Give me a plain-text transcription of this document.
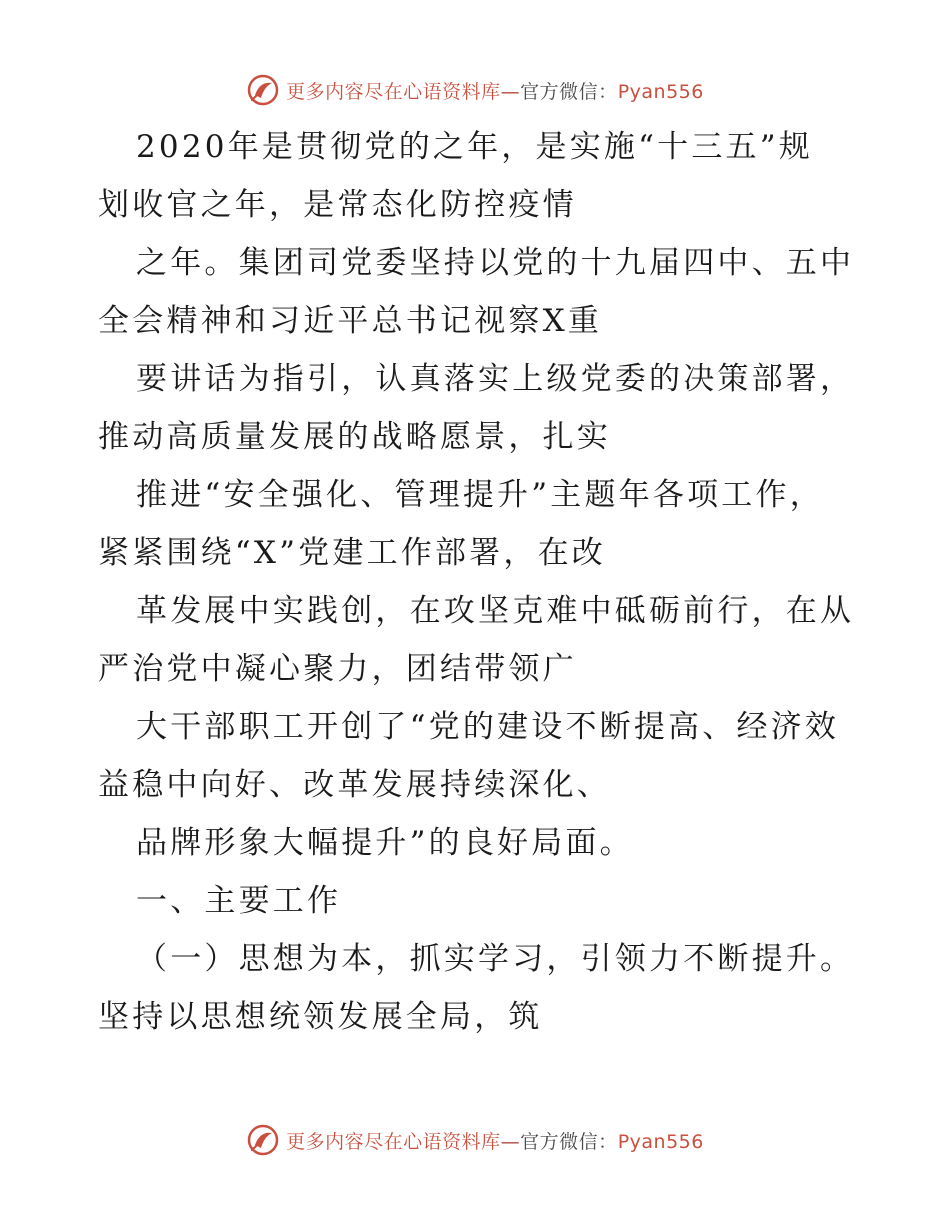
更多内容尽在心语资料库—官方微信：Pyan556
2020年是贯彻党的之年，是实施“十三五”规
划收官之年，是常态化防控疫情
之年。集团司党委坚持以党的十九届四中、五中
全会精神和习近平总书记视察X重
要讲话为指引，认真落实上级党委的决策部署，
推动高质量发展的战略愿景，扎实
推进“安全强化、管理提升”主题年各项工作，
紧紧围绕“X”党建工作部署，在改
革发展中实践创，在攻坚克难中砥砺前行，在从
严治党中凝心聚力，团结带领广
大干部职工开创了“党的建设不断提高、经济效
益稳中向好、改革发展持续深化、
品牌形象大幅提升”的良好局面。
一、主要工作
（一）思想为本，抓实学习，引领力不断提升。
坚持以思想统领发展全局，筑
更多内容尽在心语资料库—官方微信：Pyan556
